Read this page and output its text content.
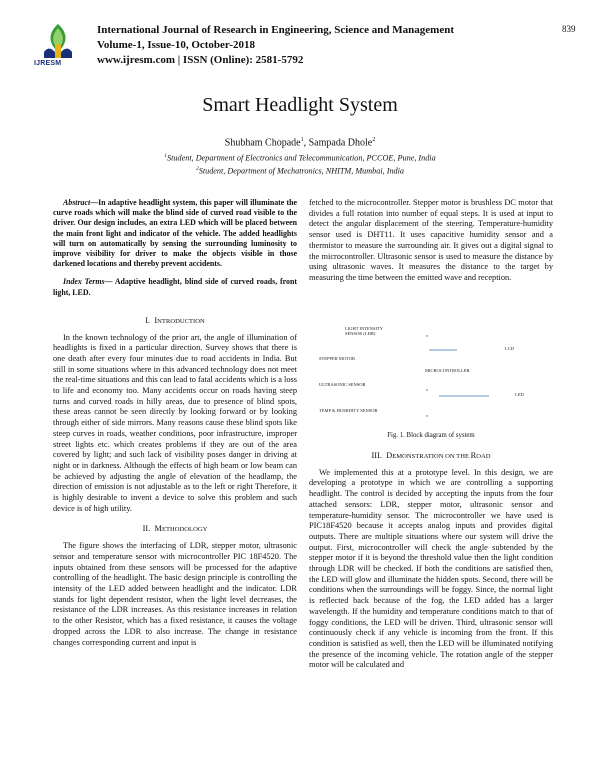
IJRESM
International Journal of Research in Engineering, Science and Management
Volume-1, Issue-10, October-2018
www.ijresm.com | ISSN (Online): 2581-5792
839
Smart Headlight System
Shubham Chopade$^1$, Sampada Dhole$^2$
$^1$Student, Department of Electronics and Telecommunication, PCCOE, Pune, India
$^2$Student, Department of Mechatronics, NHITM, Mumbai, India

Abstract—In adaptive headlight system, this paper will illuminate the curve roads which will make the blind side of curved road visible to the driver. Our design includes, an extra LED which will be placed between the main front light and indicator of the vehicle. The added headlights will turn on automatically by sensing the surrounding luminosity to improve visibility for driver to make the objects visible in those darkened locations and thereby prevent accidents.

Index Terms— Adaptive headlight, blind side of curved roads, front light, LED.

I. INTRODUCTION

In the known technology of the prior art, the angle of illumination of headlights is fixed in a particular direction. Survey shows that there is one death after every four minutes due to road accidents in India. But still in some situations where in this advanced technology does not meet the real-time situations and this can lead to fatal accidents which is a loss to life and economy too. Many accidents occur on roads having steep turns and curved roads in hilly areas, due to presence of blind spots, these areas cannot be seen directly by looking forward or by looking through either of side mirrors. Many reasons cause these blind spots like steep curves in roads, weather conditions, poor infrastructure, improper street lights etc. which creates problems if they are out of the area covered by light; and such lack of visibility poses danger in driving at night or in darkness. Although the effects of high beam or low beam can be achieved by adjusting the angle of elevation of the headlamp, the direction of emission is not adjustable as to the left or right Therefore, it is highly desirable to invent a device to solve this problem and such device is of high utility.

II. METHODOLOGY

The figure shows the interfacing of LDR, stepper motor, ultrasonic sensor and temperature sensor with microcontroller PIC 18F4520. The inputs obtained from these sensors will be processed for the adaptive controlling of the headlight. The basic design principle is controlling the intensity of the LED added between headlight and the indicator. LDR stands for light dependent resistor, when the light level decreases, the resistance of the LDR increases. As this resistance increases in relation to the other Resistor, which has a fixed resistance, it causes the voltage dropped across the LDR to also increase. The change in resistance changes corresponding current and input is

fetched to the microcontroller. Stepper motor is brushless DC motor that divides a full rotation into number of equal steps. It is used at input to detect the angular displacement of the steering. Temperature-humidity sensor used is DHT11. It uses capacitive humidity sensor and a thermistor to measure the surrounding air. It gives out a digital signal to the microcontroller. Ultrasonic sensor is used to measure the distance by using ultrasonic waves. It measures the distance to the target by measuring the time between the emitted wave and reception.

LIGHT INTENSITY SENSOR (LDR)
STEPPER MOTOR
MICROCONTROLLER
ULTRASONIC SENSOR
TEMP & HUMIDITY SENSOR
LCD
LED
Fig. 1. Block diagram of system

III. DEMONSTRATION ON THE ROAD

We implemented this at a prototype level. In this design, we are developing a prototype in which we are controlling a supporting headlight. The control is decided by accepting the inputs from the four attached sensors: LDR, stepper motor, ultrasonic sensor and temperature-humidity sensor. The microcontroller we have used is PIC18F4520 because it accepts analog inputs and provides digital outputs. There are multiple situations where our system will drive the output. First, microcontroller will check the angle subtended by the stepper motor if it is beyond the threshold value then the light condition through LDR will be checked. If both the conditions are satisfied then, the LED will glow and illuminate the hidden spots. Second, there will be conditions when the surroundings will be foggy. Since, the normal light is reflected back because of the fog, the LED added has a larger wavelength. If the humidity and temperature conditions match to that of foggy conditions, the LED will be driven. Third, ultrasonic sensor will continuously check if any vehicle is incoming from the front. If this condition is satisfied as well, then the LED will be illuminated notifying the presence of the incoming vehicle. The rotation angle of the stepper motor will be calculated and
